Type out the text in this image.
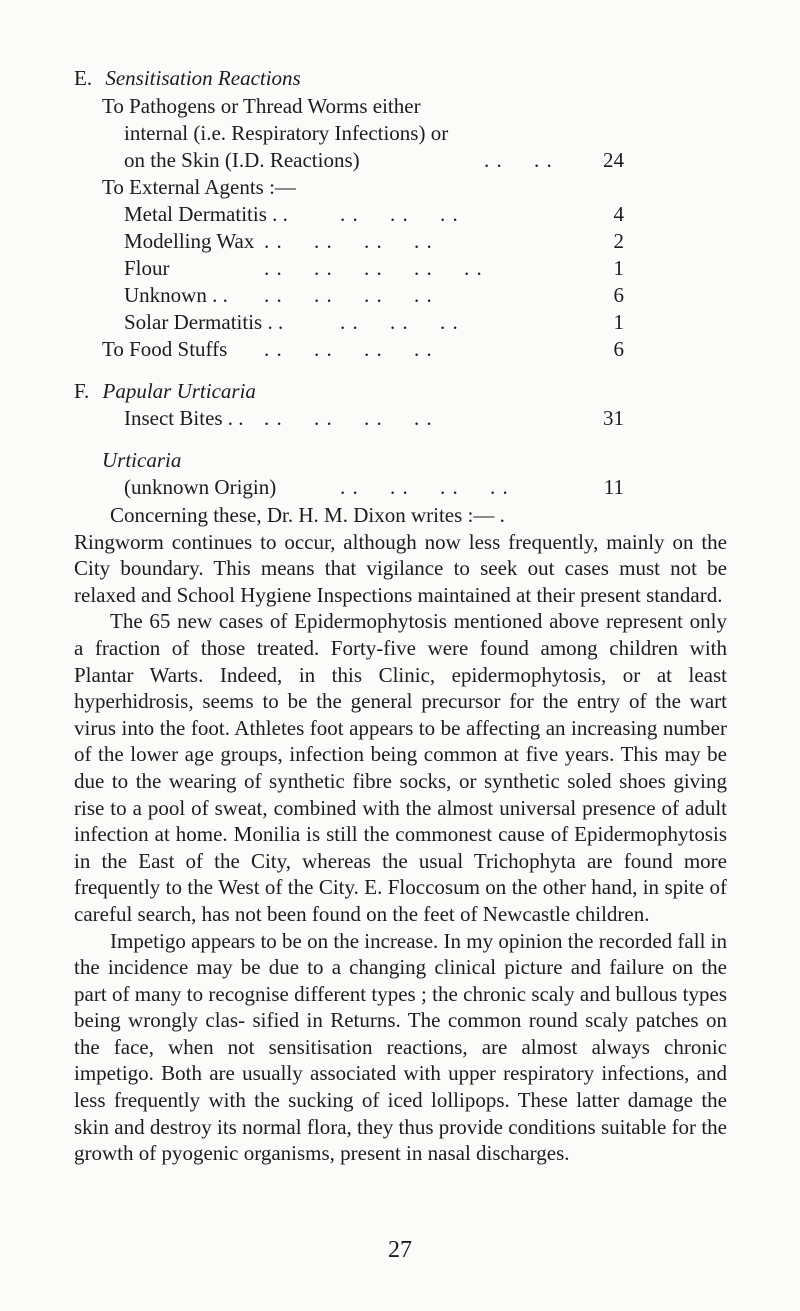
E. Sensitisation Reactions
To Pathogens or Thread Worms either
internal (i.e. Respiratory Infections) or
on the Skin (I.D. Reactions)	. .     . .	24
To External Agents :—
Metal Dermatitis . . . .     . .     . .	4
Modelling Wax . .     . .     . .     . .	2
Flour	. .     . .     . .     . .     . .	1
Unknown . . . .     . .     . .     . .	6
Solar Dermatitis . .	. .     . .     . .	1
To Food Stuffs . .     . .     . .     . .	6
F. Papular Urticaria
Insect Bites . . . .     . .     . .     . .	31
Urticaria
(unknown Origin)	. .     . .     . .     . .	11

Concerning these, Dr. H. M. Dixon writes :— .

Ringworm continues to occur, although now less frequently, mainly on the City boundary. This means that vigilance to seek out cases must not be relaxed and School Hygiene Inspections maintained at their present standard.

The 65 new cases of Epidermophytosis mentioned above represent only a fraction of those treated. Forty-five were found among children with Plantar Warts. Indeed, in this Clinic, epidermophytosis, or at least hyperhidrosis, seems to be the general precursor for the entry of the wart virus into the foot. Athletes foot appears to be affecting an increasing number of the lower age groups, infection being common at five years. This may be due to the wearing of synthetic fibre socks, or synthetic soled shoes giving rise to a pool of sweat, combined with the almost universal presence of adult infection at home. Monilia is still the commonest cause of Epidermophytosis in the East of the City, whereas the usual Trichophyta are found more frequently to the West of the City. E. Floccosum on the other hand, in spite of careful search, has not been found on the feet of Newcastle children.

Impetigo appears to be on the increase. In my opinion the recorded fall in the incidence may be due to a changing clinical picture and failure on the part of many to recognise different types ; the chronic scaly and bullous types being wrongly clas- sified in Returns. The common round scaly patches on the face, when not sensitisation reactions, are almost always chronic impetigo. Both are usually associated with upper respiratory infections, and less frequently with the sucking of iced lollipops. These latter damage the skin and destroy its normal flora, they thus provide conditions suitable for the growth of pyogenic organisms, present in nasal discharges.

27
